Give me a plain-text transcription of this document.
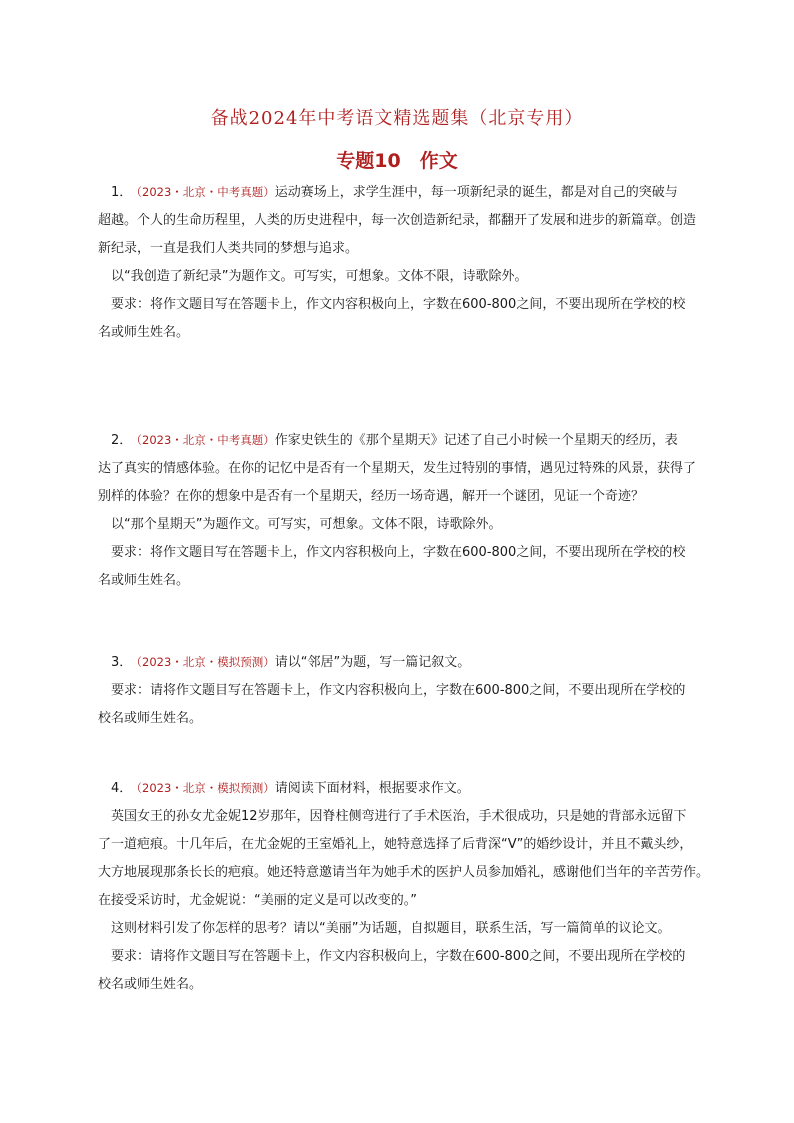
备战2024年中考语文精选题集（北京专用）
专题10　作文

1． （2023・北京・中考真题）运动赛场上，求学生涯中，每一项新纪录的诞生，都是对自己的突破与

超越。个人的生命历程里，人类的历史进程中，每一次创造新纪录，都翻开了发展和进步的新篇章。创造

新纪录，一直是我们人类共同的梦想与追求。

以“我创造了新纪录”为题作文。可写实，可想象。文体不限，诗歌除外。

要求：将作文题目写在答题卡上，作文内容积极向上，字数在600-800之间，不要出现所在学校的校

名或师生姓名。

2． （2023・北京・中考真题）作家史铁生的《那个星期天》记述了自己小时候一个星期天的经历，表

达了真实的情感体验。在你的记忆中是否有一个星期天，发生过特别的事情，遇见过特殊的风景，获得了

别样的体验？在你的想象中是否有一个星期天，经历一场奇遇，解开一个谜团，见证一个奇迹？

以“那个星期天”为题作文。可写实，可想象。文体不限，诗歌除外。

要求：将作文题目写在答题卡上，作文内容积极向上，字数在600-800之间，不要出现所在学校的校

名或师生姓名。

3． （2023・北京・模拟预测）请以“邻居”为题，写一篇记叙文。

要求：请将作文题目写在答题卡上，作文内容积极向上，字数在600-800之间，不要出现所在学校的

校名或师生姓名。

4． （2023・北京・模拟预测）请阅读下面材料，根据要求作文。

英国女王的孙女尤金妮12岁那年，因脊柱侧弯进行了手术医治，手术很成功，只是她的背部永远留下

了一道疤痕。十几年后，在尤金妮的王室婚礼上，她特意选择了后背深“V”的婚纱设计，并且不戴头纱，

大方地展现那条长长的疤痕。她还特意邀请当年为她手术的医护人员参加婚礼，感谢他们当年的辛苦劳作。

在接受采访时，尤金妮说：“美丽的定义是可以改变的。”

这则材料引发了你怎样的思考？请以“美丽”为话题，自拟题目，联系生活，写一篇简单的议论文。

要求：请将作文题目写在答题卡上，作文内容积极向上，字数在600-800之间，不要出现所在学校的

校名或师生姓名。
